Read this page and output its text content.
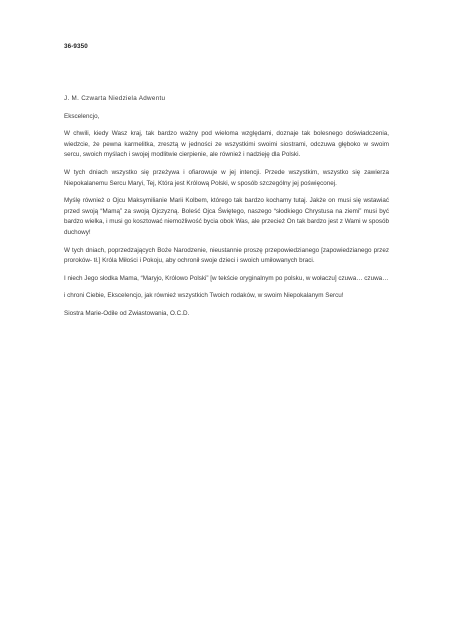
36-9350

J. M. Czwarta Niedziela Adwentu

Ekscelencjo,

W chwili, kiedy Wasz kraj, tak bardzo ważny pod wieloma względami, doznaje tak bolesnego doświadczenia, wiedzcie, że pewna karmelitka, zresztą w jedności ze wszystkimi swoimi siostrami, odczuwa głęboko w swoim sercu, swoich myślach i swojej modlitwie cierpienie, ale również i nadzieję dla Polski.

W tych dniach wszystko się przeżywa i ofiarowuje w jej intencji. Przede wszystkim, wszystko się zawierza Niepokalanemu Sercu Maryi, Tej, Która jest Królową Polski, w sposób szczególny jej poświęconej.

Myślę również o Ojcu Maksymilianie Marii Kolbem, którego tak bardzo kochamy tutaj. Jakże on musi się wstawiać przed swoją “Mamą” za swoją Ojczyzną. Boleść Ojca Świętego, naszego “słodkiego Chrystusa na ziemi” musi być bardzo wielka, i musi go kosztować niemożliwość bycia obok Was, ale przecież On tak bardzo jest z Wami w sposób duchowy!

W tych dniach, poprzedzających Boże Narodzenie, nieustannie proszę przepowiedzianego [zapowiedzianego przez proroków- tł.] Króla Miłości i Pokoju, aby ochronił swoje dzieci i swoich umiłowanych braci.

I niech Jego słodka Mama, “Maryjo, Królowo Polski” [w tekście oryginalnym po polsku, w wołaczu] czuwa… czuwa…

i chroni Ciebie, Ekscelencjo, jak również wszystkich Twoich rodaków, w swoim Niepokalanym Sercu!

Siostra Marie-Odile od Zwiastowania, O.C.D.
